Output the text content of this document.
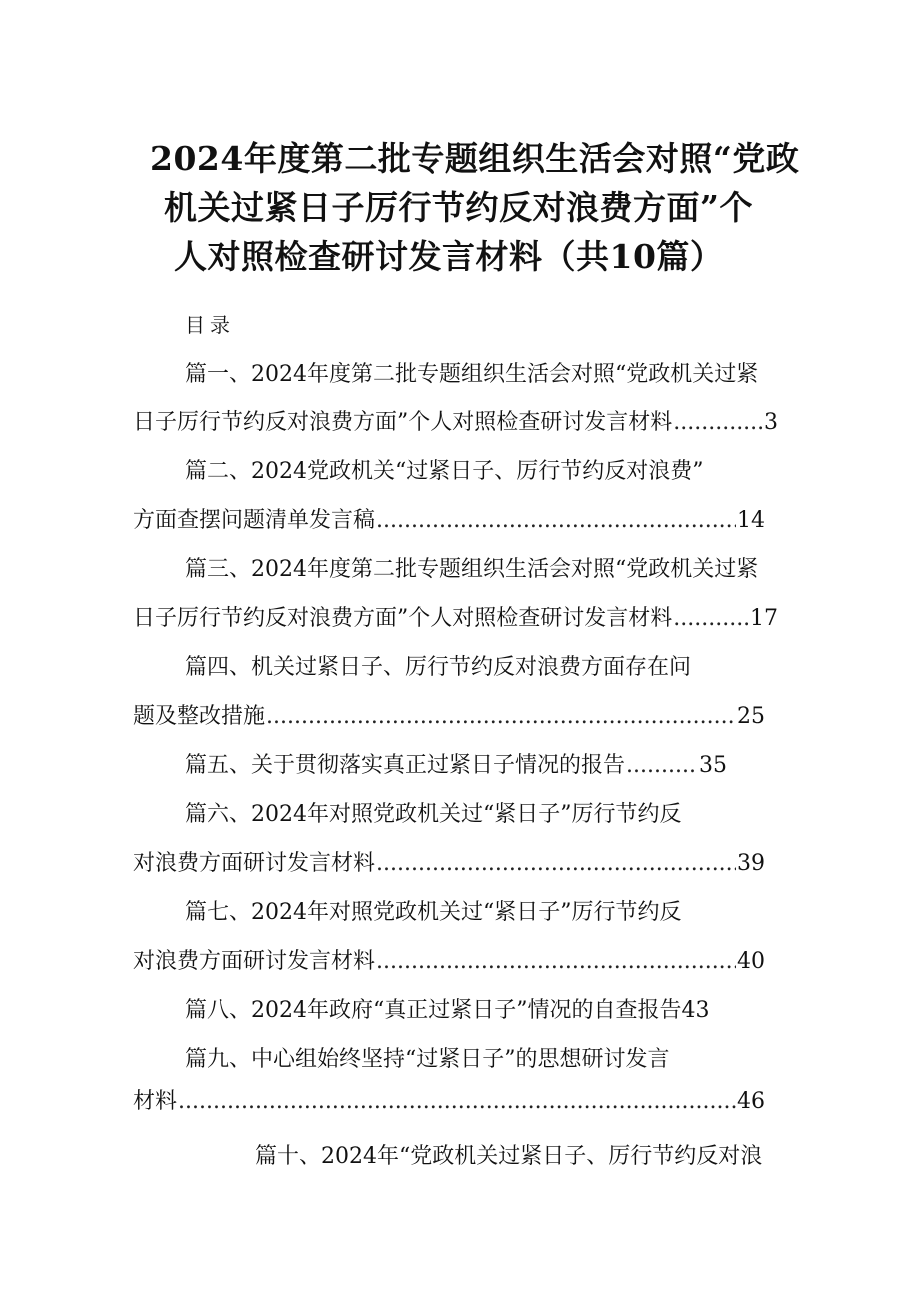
2024年度第二批专题组织生活会对照“党政
机关过紧日子厉行节约反对浪费方面”个
人对照检查研讨发言材料（共10篇）
目录
篇一、2024年度第二批专题组织生活会对照“党政机关过紧
日子厉行节约反对浪费方面”个人对照检查研讨发言材料 .....	3
篇二、2024党政机关“过紧日子、厉行节约反对浪费”
方面查摆问题清单发言稿 .....	14
篇三、2024年度第二批专题组织生活会对照“党政机关过紧
日子厉行节约反对浪费方面”个人对照检查研讨发言材料 .....	17
篇四、机关过紧日子、厉行节约反对浪费方面存在问
题及整改措施 .....	25
篇五、关于贯彻落实真正过紧日子情况的报告 .....	35
篇六、2024年对照党政机关过“紧日子”厉行节约反
对浪费方面研讨发言材料 .....	39
篇七、2024年对照党政机关过“紧日子”厉行节约反
对浪费方面研讨发言材料 .....	40
篇八、2024年政府“真正过紧日子”情况的自查报告43
篇九、中心组始终坚持“过紧日子”的思想研讨发言
材料 .....	46
篇十、2024年“党政机关过紧日子、厉行节约反对浪
